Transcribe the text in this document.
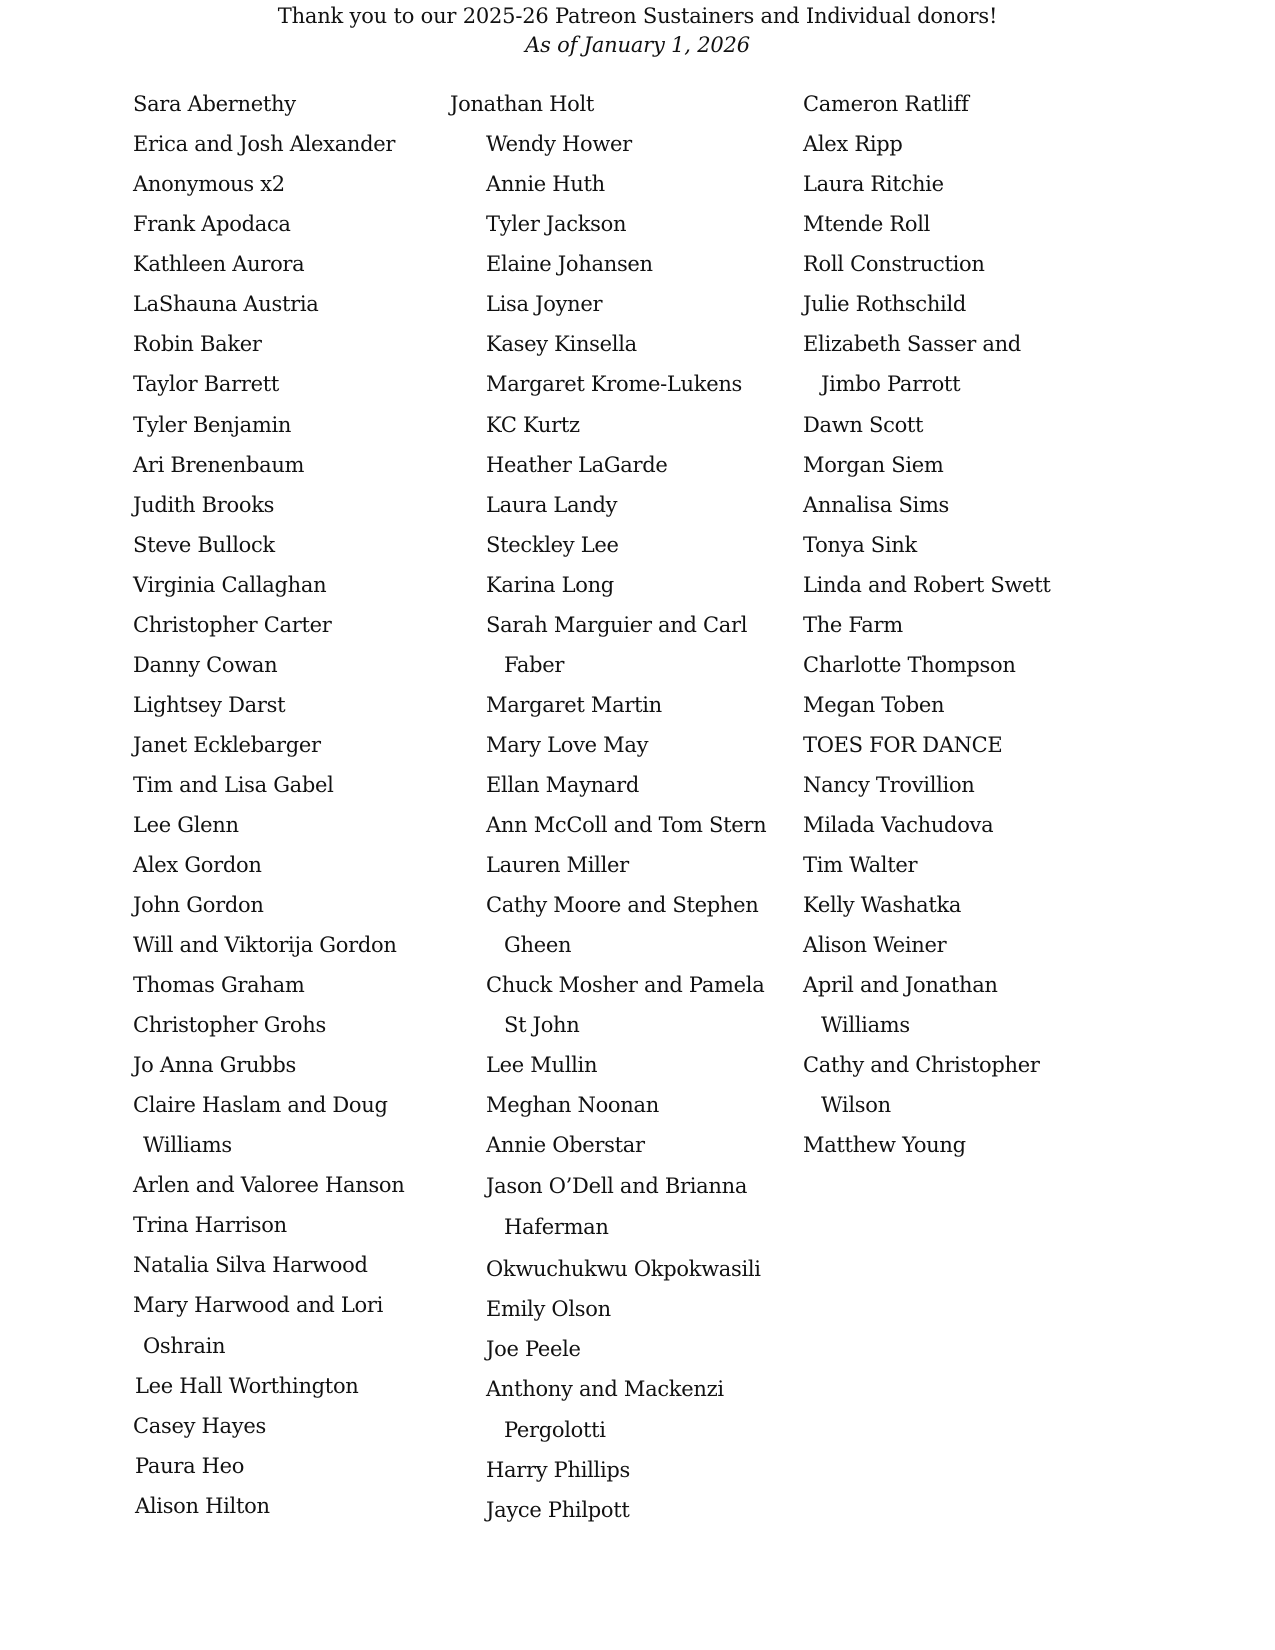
Thank you to our 2025-26 Patreon Sustainers and Individual donors!

As of January 1, 2026

Sara Abernethy
Erica and Josh Alexander
Anonymous x2
Frank Apodaca
Kathleen Aurora
LaShauna Austria
Robin Baker
Taylor Barrett
Tyler Benjamin
Ari Brenenbaum
Judith Brooks
Steve Bullock
Virginia Callaghan
Christopher Carter
Danny Cowan
Lightsey Darst
Janet Ecklebarger
Tim and Lisa Gabel
Lee Glenn
Alex Gordon
John Gordon
Will and Viktorija Gordon
Thomas Graham
Christopher Grohs
Jo Anna Grubbs
Claire Haslam and Doug
Williams
Arlen and Valoree Hanson
Trina Harrison
Natalia Silva Harwood
Mary Harwood and Lori
Oshrain
Lee Hall Worthington
Casey Hayes
Paura Heo
Alison Hilton
Jonathan Holt
Wendy Hower
Annie Huth
Tyler Jackson
Elaine Johansen
Lisa Joyner
Kasey Kinsella
Margaret Krome-Lukens
KC Kurtz
Heather LaGarde
Laura Landy
Steckley Lee
Karina Long
Sarah Marguier and Carl
Faber
Margaret Martin
Mary Love May
Ellan Maynard
Ann McColl and Tom Stern
Lauren Miller
Cathy Moore and Stephen
Gheen
Chuck Mosher and Pamela
St John
Lee Mullin
Meghan Noonan
Annie Oberstar
Jason O’Dell and Brianna
Haferman
Okwuchukwu Okpokwasili
Emily Olson
Joe Peele
Anthony and Mackenzi
Pergolotti
Harry Phillips
Jayce Philpott
Cameron Ratliff
Alex Ripp
Laura Ritchie
Mtende Roll
Roll Construction
Julie Rothschild
Elizabeth Sasser and
Jimbo Parrott
Dawn Scott
Morgan Siem
Annalisa Sims
Tonya Sink
Linda and Robert Swett
The Farm
Charlotte Thompson
Megan Toben
TOES FOR DANCE
Nancy Trovillion
Milada Vachudova
Tim Walter
Kelly Washatka
Alison Weiner
April and Jonathan
Williams
Cathy and Christopher
Wilson
Matthew Young
